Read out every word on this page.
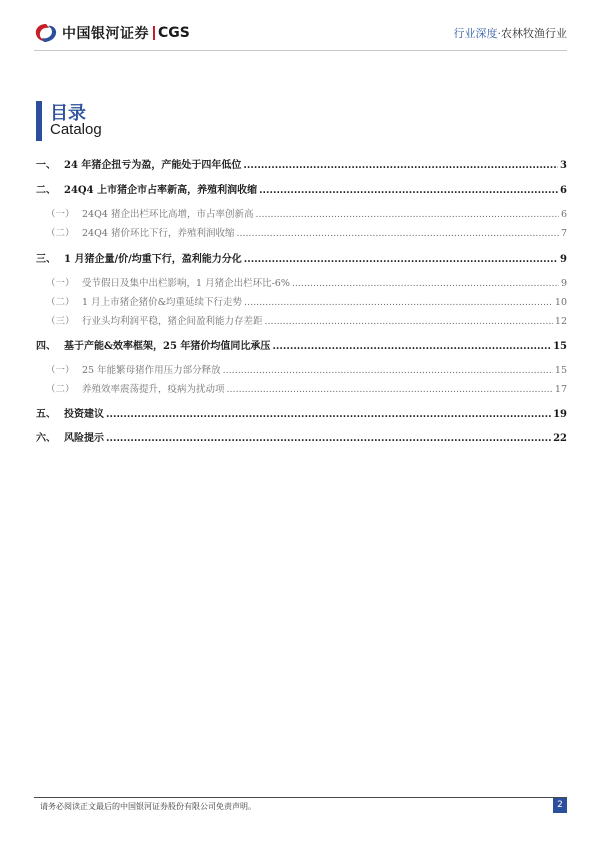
中国银河证券 CGS	行业深度·农林牧渔行业
目录
Catalog
一、 24 年猪企扭亏为盈，产能处于四年低位 .....	3
二、 24Q4 上市猪企市占率新高，养殖利润收缩 .....	6
（一） 24Q4 猪企出栏环比高增，市占率创新高 .....	6
（二） 24Q4 猪价环比下行，养殖利润收缩 .....	7
三、 1 月猪企量/价/均重下行，盈利能力分化 .....	9
（一） 受节假日及集中出栏影响，1 月猪企出栏环比-6% .....	9
（二） 1 月上市猪企猪价&均重延续下行走势 .....	10
（三） 行业头均利润平稳，猪企间盈利能力存差距 .....	12
四、 基于产能&效率框架，25 年猪价均值同比承压 .....	15
（一） 25 年能繁母猪作用压力部分释放 .....	15
（二） 养殖效率震荡提升，疫病为扰动项 .....	17
五、 投资建议 .....	19
六、 风险提示 .....	22
请务必阅读正文最后的中国银河证券股份有限公司免责声明。	2
